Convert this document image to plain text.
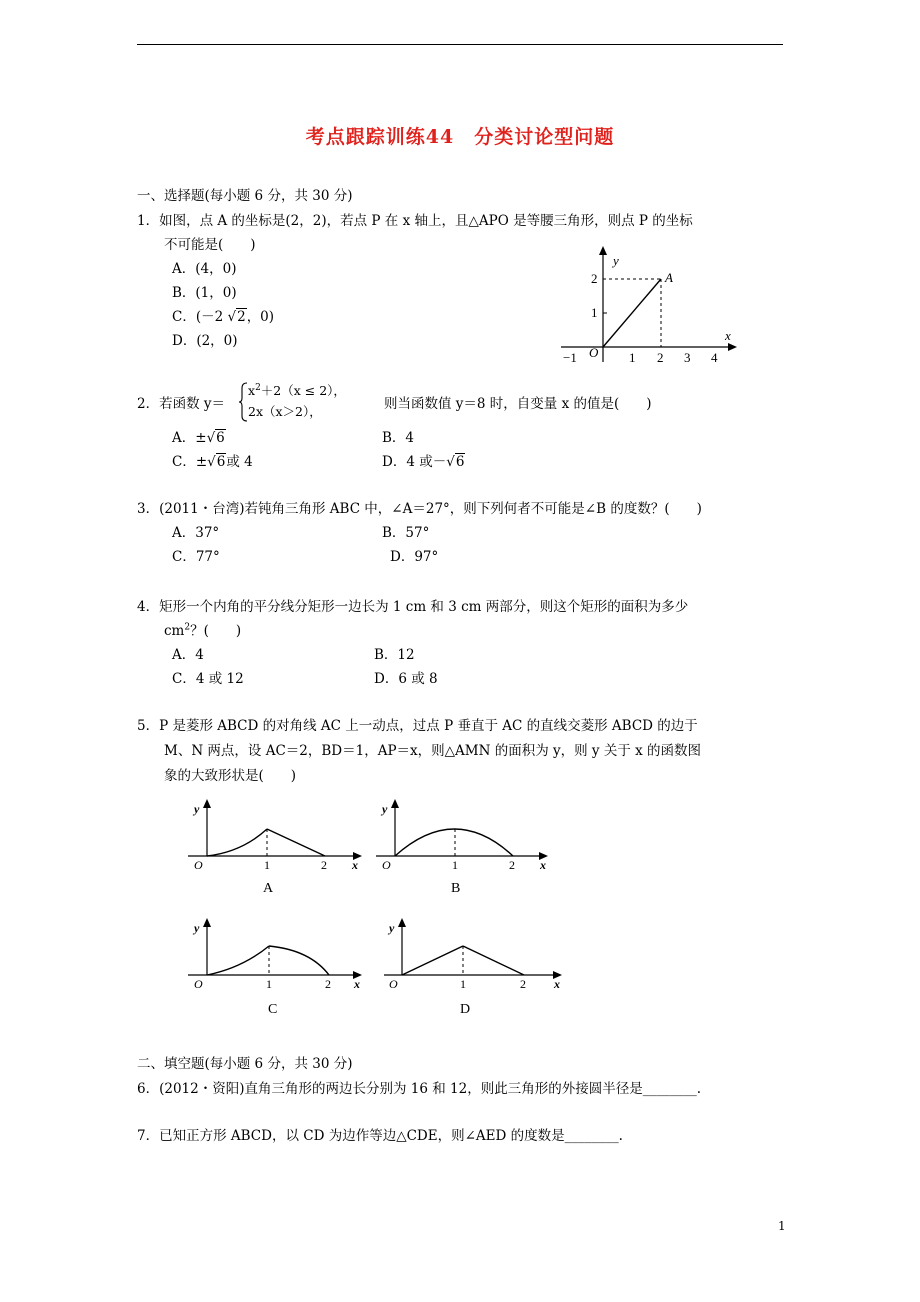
考点跟踪训练44　分类讨论型问题
一、选择题(每小题 6 分，共 30 分)
1．如图，点 A 的坐标是(2，2)，若点 P 在 x 轴上，且△APO 是等腰三角形，则点 P 的坐标
不可能是(　　)
A．(4，0)
B．(1，0)
C．(－2 √2，0)
D．(2，0)
y
x
O
A
−1	1 2 3 4
1
2
2．若函数 y＝
$x^2+2(x \le 2)$，
2x（x＞2），	则当函数值 y＝8 时，自变量 x 的值是(　　)
A．±√6	B．4
C．±√6或 4	D．4 或－√6
3．(2011・台湾)若钝角三角形 ABC 中，∠A＝27°，则下列何者不可能是∠B 的度数？(　　)
A．37°	B．57°
C．77°	D．97°
4．矩形一个内角的平分线分矩形一边长为 1 cm 和 3 cm 两部分，则这个矩形的面积为多少
$cm^2$？(　　)
A．4	B．12
C．4 或 12	D．6 或 8
5．P 是菱形 ABCD 的对角线 AC 上一动点，过点 P 垂直于 AC 的直线交菱形 ABCD 的边于
M、N 两点，设 AC＝2，BD＝1，AP＝x，则△AMN 的面积为 y，则 y 关于 x 的函数图
象的大致形状是(　　)
y
x
O	1	2
A
y
x
O	1	2
B
y
x
O	1	2
C
y
x
O	1	2
D
二、填空题(每小题 6 分，共 30 分)
6．(2012・资阳)直角三角形的两边长分别为 16 和 12，则此三角形的外接圆半径是________.
7．已知正方形 ABCD，以 CD 为边作等边△CDE，则∠AED 的度数是________.
1
